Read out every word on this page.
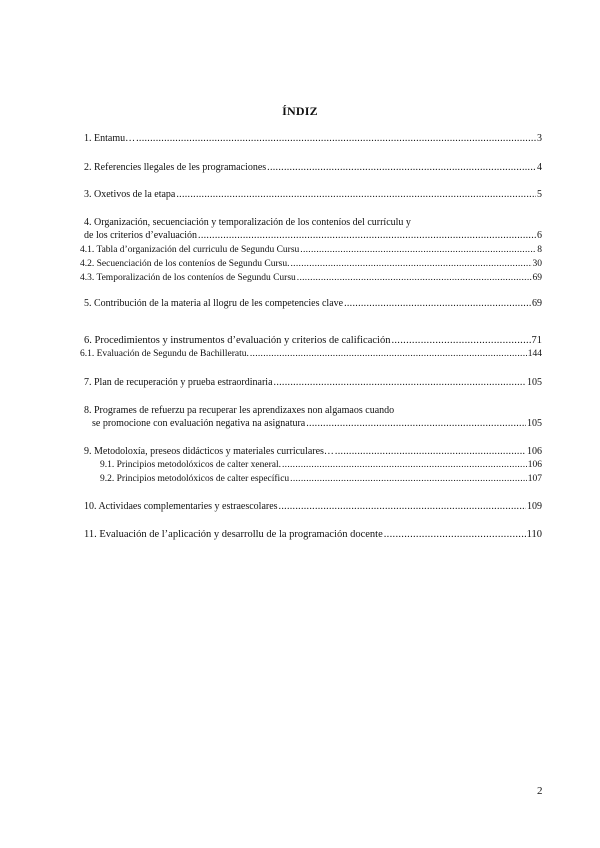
ÍNDIZ
1. Entamu… .....	3
2. Referencies llegales de les programaciones .....	4
3. Oxetivos de la etapa .....	5
4. Organización, secuenciación y temporalización de los conteníos del currículu y
de los criterios d’evaluación .....	6
4.1. Tabla d’organización del curriculu de Segundu Cursu .....	8
4.2. Secuenciación de los conteníos de Segundu Cursu. .....	30
4.3. Temporalización de los conteníos de Segundu Cursu .....	69
5. Contribución de la materia al llogru de les competencies clave .....	69
6. Procedimientos y instrumentos d’evaluación y criterios de calificación .....	71
6.1. Evaluación de Segundu de Bachilleratu. .....	144
7. Plan de recuperación y prueba estraordinaria .....	105
8. Programes de refuerzu pa recuperar les aprendizaxes non algamaos cuando
se promocione con evaluación negativa na asignatura .....	105
9. Metodoloxía, preseos didácticos y materiales curriculares… .....	106
9.1. Principios metodolóxicos de calter xeneral. .....	106
9.2. Principios metodolóxicos de calter específicu .....	107
10. Actividaes complementaries y estraescolares .....	109
11. Evaluación de l’aplicación y desarrollu de la programación docente .....	110
2
